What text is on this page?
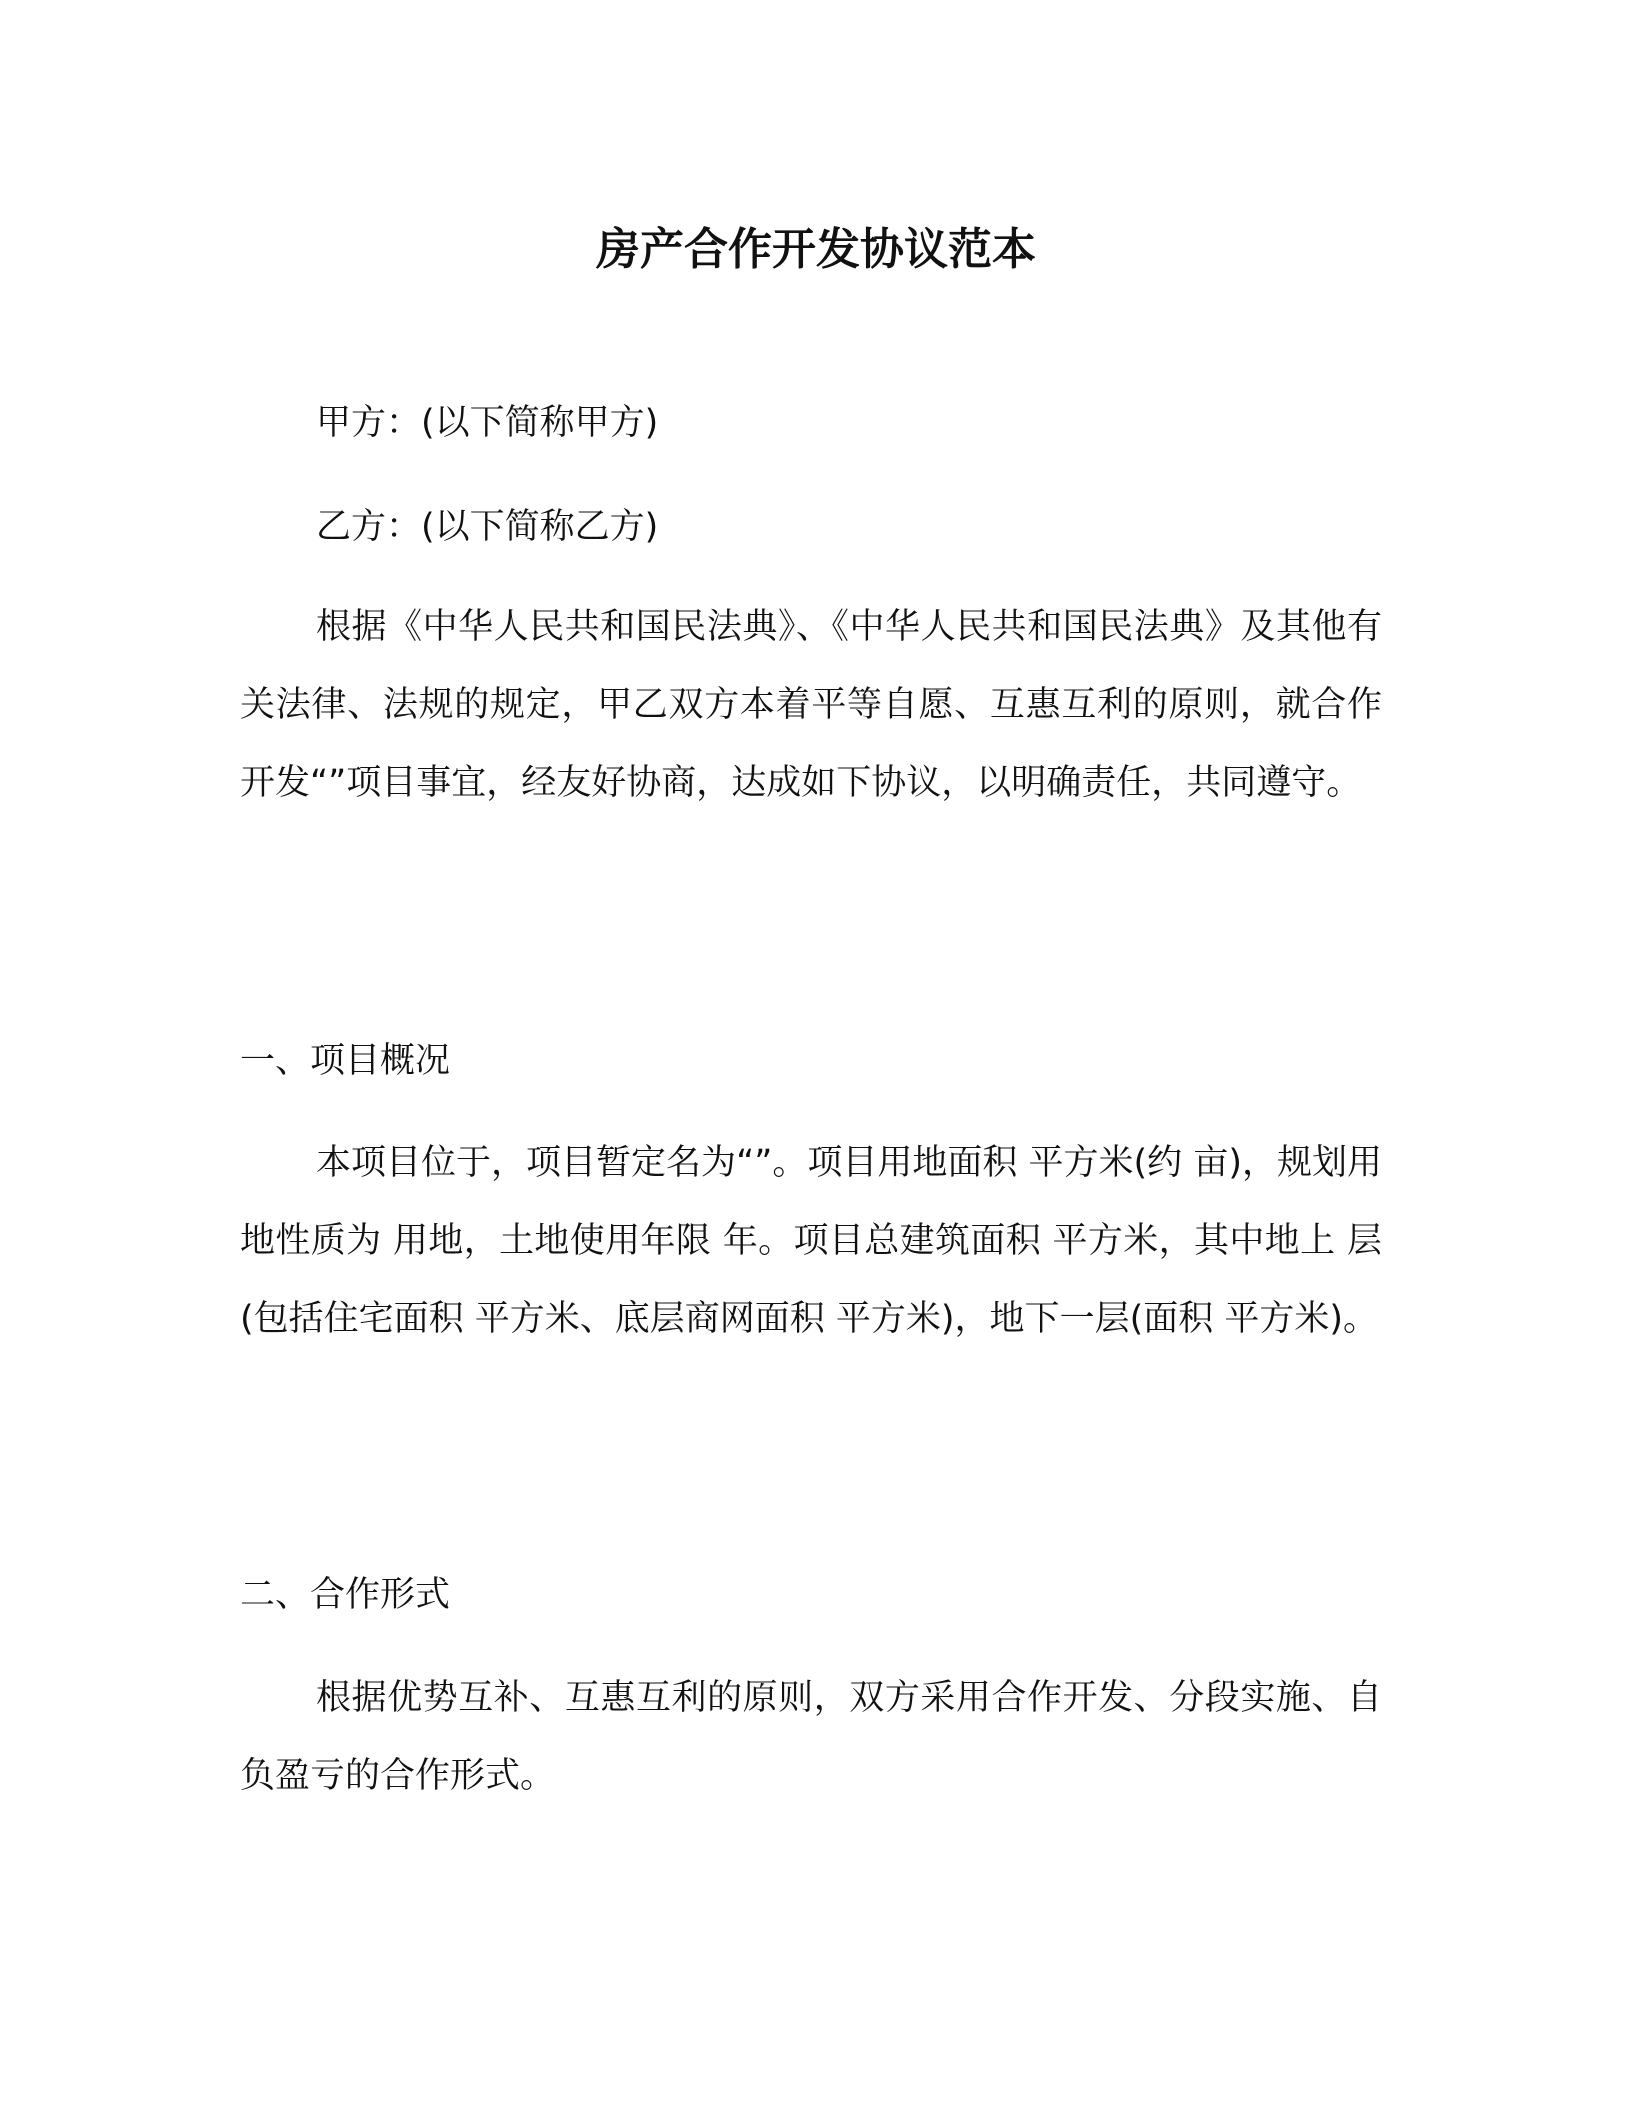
房产合作开发协议范本
甲方：(以下简称甲方)
乙方：(以下简称乙方)

根据《中华人民共和国民法典》、《中华人民共和国民法典》及其他有关法律、法规的规定，甲乙双方本着平等自愿、互惠互利的原则，就合作开发“”项目事宜，经友好协商，达成如下协议，以明确责任，共同遵守。

一、项目概况

本项目位于，项目暂定名为“”。项目用地面积 平方米(约 亩)，规划用地性质为 用地，土地使用年限 年。项目总建筑面积 平方米，其中地上 层(包括住宅面积 平方米、底层商网面积 平方米)，地下一层(面积 平方米)。

二、合作形式

根据优势互补、互惠互利的原则，双方采用合作开发、分段实施、自负盈亏的合作形式。
